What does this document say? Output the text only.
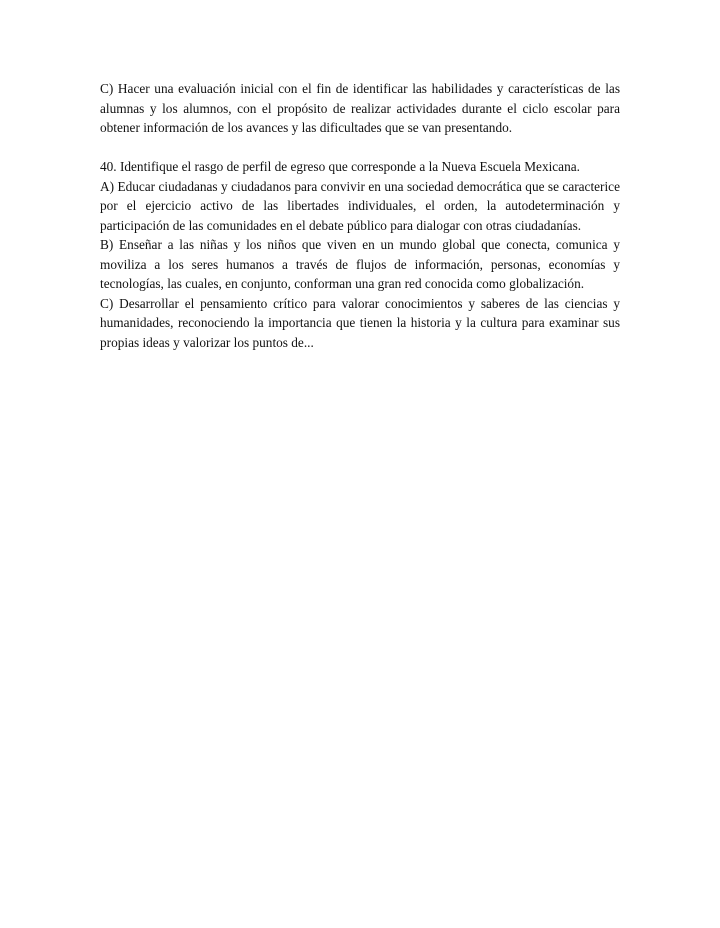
C) Hacer una evaluación inicial con el fin de identificar las habilidades y características de las alumnas y los alumnos, con el propósito de realizar actividades durante el ciclo escolar para obtener información de los avances y las dificultades que se van presentando.

40. Identifique el rasgo de perfil de egreso que corresponde a la Nueva Escuela Mexicana.

A) Educar ciudadanas y ciudadanos para convivir en una sociedad democrática que se caracterice por el ejercicio activo de las libertades individuales, el orden, la autodeterminación y participación de las comunidades en el debate público para dialogar con otras ciudadanías.

B) Enseñar a las niñas y los niños que viven en un mundo global que conecta, comunica y moviliza a los seres humanos a través de flujos de información, personas, economías y tecnologías, las cuales, en conjunto, conforman una gran red conocida como globalización.

C) Desarrollar el pensamiento crítico para valorar conocimientos y saberes de las ciencias y humanidades, reconociendo la importancia que tienen la historia y la cultura para examinar sus propias ideas y valorizar los puntos de...
